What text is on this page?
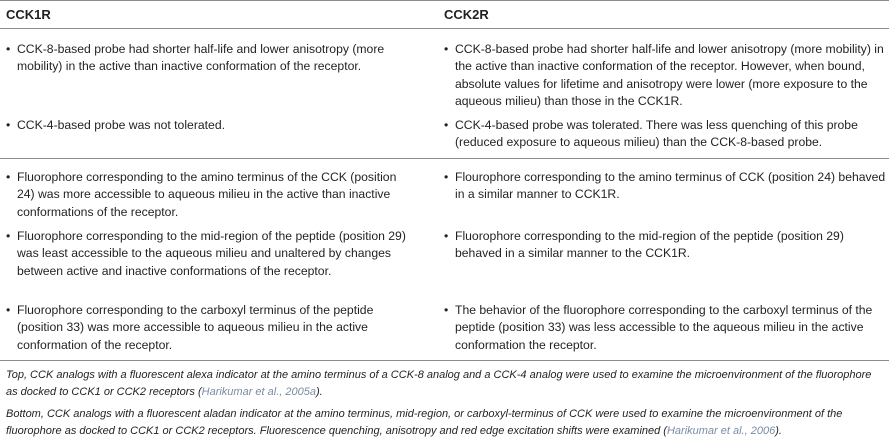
CCK1R	CCK2R
• CCK-8-based probe had shorter half-life and lower anisotropy (more mobility) in the active than inactive conformation of the receptor.
• CCK-8-based probe had shorter half-life and lower anisotropy (more mobility) in the active than inactive conformation of the receptor. However, when bound, absolute values for lifetime and anisotropy were lower (more exposure to the aqueous milieu) than those in the CCK1R.
• CCK-4-based probe was not tolerated.	• CCK-4-based probe was tolerated. There was less quenching of this probe (reduced exposure to aqueous milieu) than the CCK-8-based probe.
• Fluorophore corresponding to the amino terminus of the CCK (position 24) was more accessible to aqueous milieu in the active than inactive conformations of the receptor.
• Flourophore corresponding to the amino terminus of CCK (position 24) behaved in a similar manner to CCK1R.
• Fluorophore corresponding to the mid-region of the peptide (position 29) was least accessible to the aqueous milieu and unaltered by changes between active and inactive conformations of the receptor.
• Fluorophore corresponding to the mid-region of the peptide (position 29) behaved in a similar manner to the CCK1R.
• Fluorophore corresponding to the carboxyl terminus of the peptide (position 33) was more accessible to aqueous milieu in the active conformation of the receptor.
• The behavior of the fluorophore corresponding to the carboxyl terminus of the peptide (position 33) was less accessible to the aqueous milieu in the active conformation the receptor.
Top, CCK analogs with a fluorescent alexa indicator at the amino terminus of a CCK-8 analog and a CCK-4 analog were used to examine the microenvironment of the fluorophore as docked to CCK1 or CCK2 receptors (Harikumar et al., 2005a).
Bottom, CCK analogs with a fluorescent aladan indicator at the amino terminus, mid-region, or carboxyl-terminus of CCK were used to examine the microenvironment of the fluorophore as docked to CCK1 or CCK2 receptors. Fluorescence quenching, anisotropy and red edge excitation shifts were examined (Harikumar et al., 2006).
